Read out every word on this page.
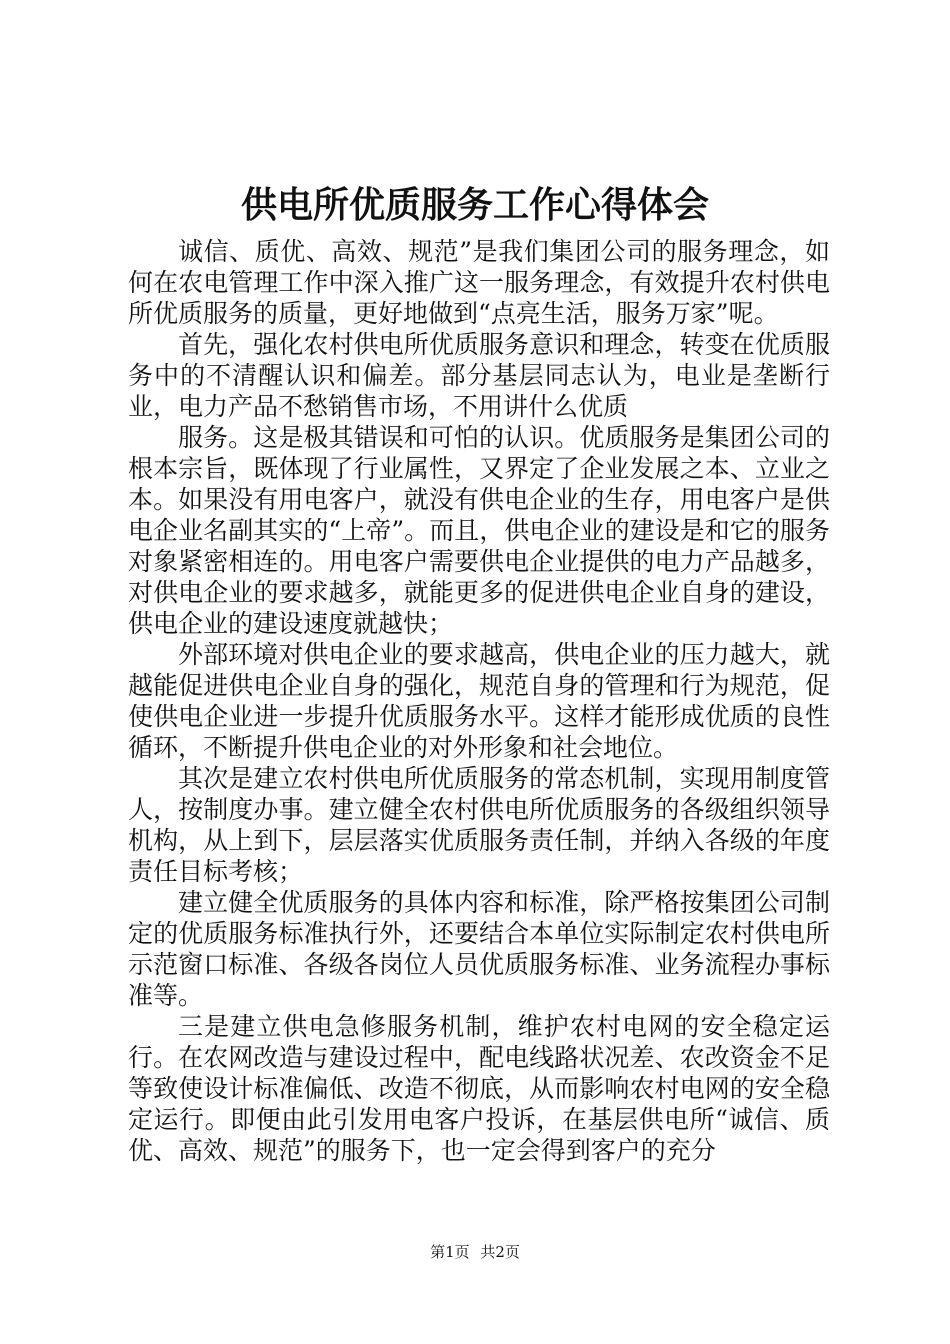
供电所优质服务工作心得体会

诚信、质优、高效、规范”是我们集团公司的服务理念，如何在农电管理工作中深入推广这一服务理念，有效提升农村供电所优质服务的质量，更好地做到“点亮生活，服务万家”呢。

首先，强化农村供电所优质服务意识和理念，转变在优质服务中的不清醒认识和偏差。部分基层同志认为，电业是垄断行业，电力产品不愁销售市场，不用讲什么优质

服务。这是极其错误和可怕的认识。优质服务是集团公司的根本宗旨，既体现了行业属性，又界定了企业发展之本、立业之本。如果没有用电客户，就没有供电企业的生存，用电客户是供电企业名副其实的“上帝”。而且，供电企业的建设是和它的服务对象紧密相连的。用电客户需要供电企业提供的电力产品越多，对供电企业的要求越多，就能更多的促进供电企业自身的建设，供电企业的建设速度就越快；

外部环境对供电企业的要求越高，供电企业的压力越大，就越能促进供电企业自身的强化，规范自身的管理和行为规范，促使供电企业进一步提升优质服务水平。这样才能形成优质的良性循环，不断提升供电企业的对外形象和社会地位。

其次是建立农村供电所优质服务的常态机制，实现用制度管人，按制度办事。建立健全农村供电所优质服务的各级组织领导机构，从上到下，层层落实优质服务责任制，并纳入各级的年度责任目标考核；

建立健全优质服务的具体内容和标准，除严格按集团公司制定的优质服务标准执行外，还要结合本单位实际制定农村供电所示范窗口标准、各级各岗位人员优质服务标准、业务流程办事标准等。

三是建立供电急修服务机制，维护农村电网的安全稳定运行。在农网改造与建设过程中，配电线路状况差、农改资金不足等致使设计标准偏低、改造不彻底，从而影响农村电网的安全稳定运行。即便由此引发用电客户投诉，在基层供电所“诚信、质优、高效、规范”的服务下，也一定会得到客户的充分

第1页 共2页
